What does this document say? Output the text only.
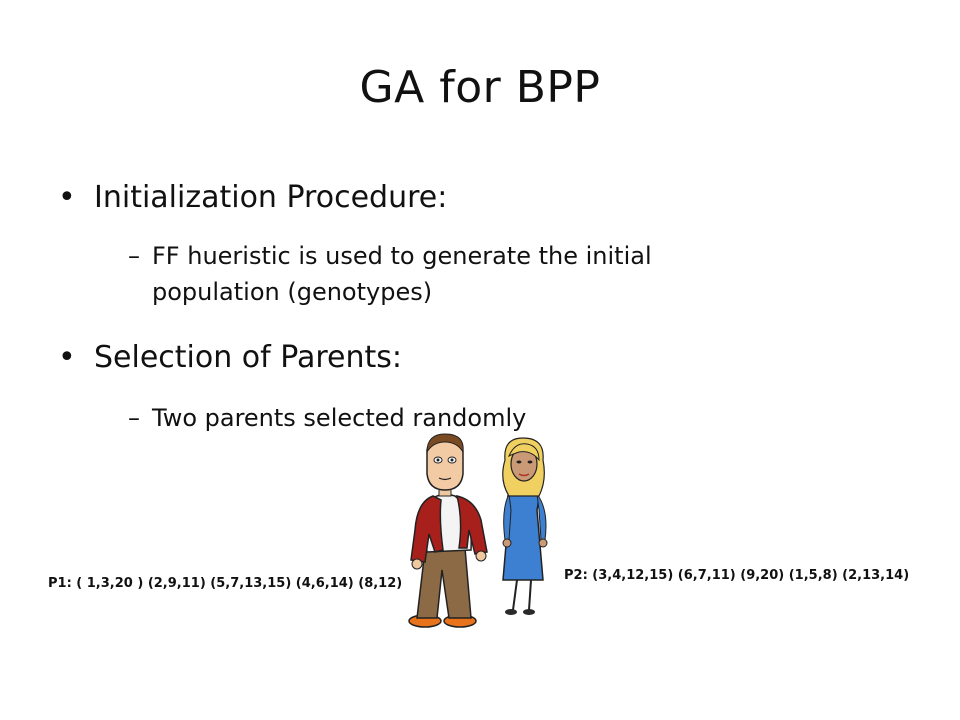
GA for BPP
• Initialization Procedure:
– FF hueristic is used to generate the initial
population (genotypes)
• Selection of Parents:
– Two parents selected randomly
P1: ( 1,3,20 ) (2,9,11) (5,7,13,15) (4,6,14) (8,12)
P2: (3,4,12,15) (6,7,11) (9,20) (1,5,8) (2,13,14)
